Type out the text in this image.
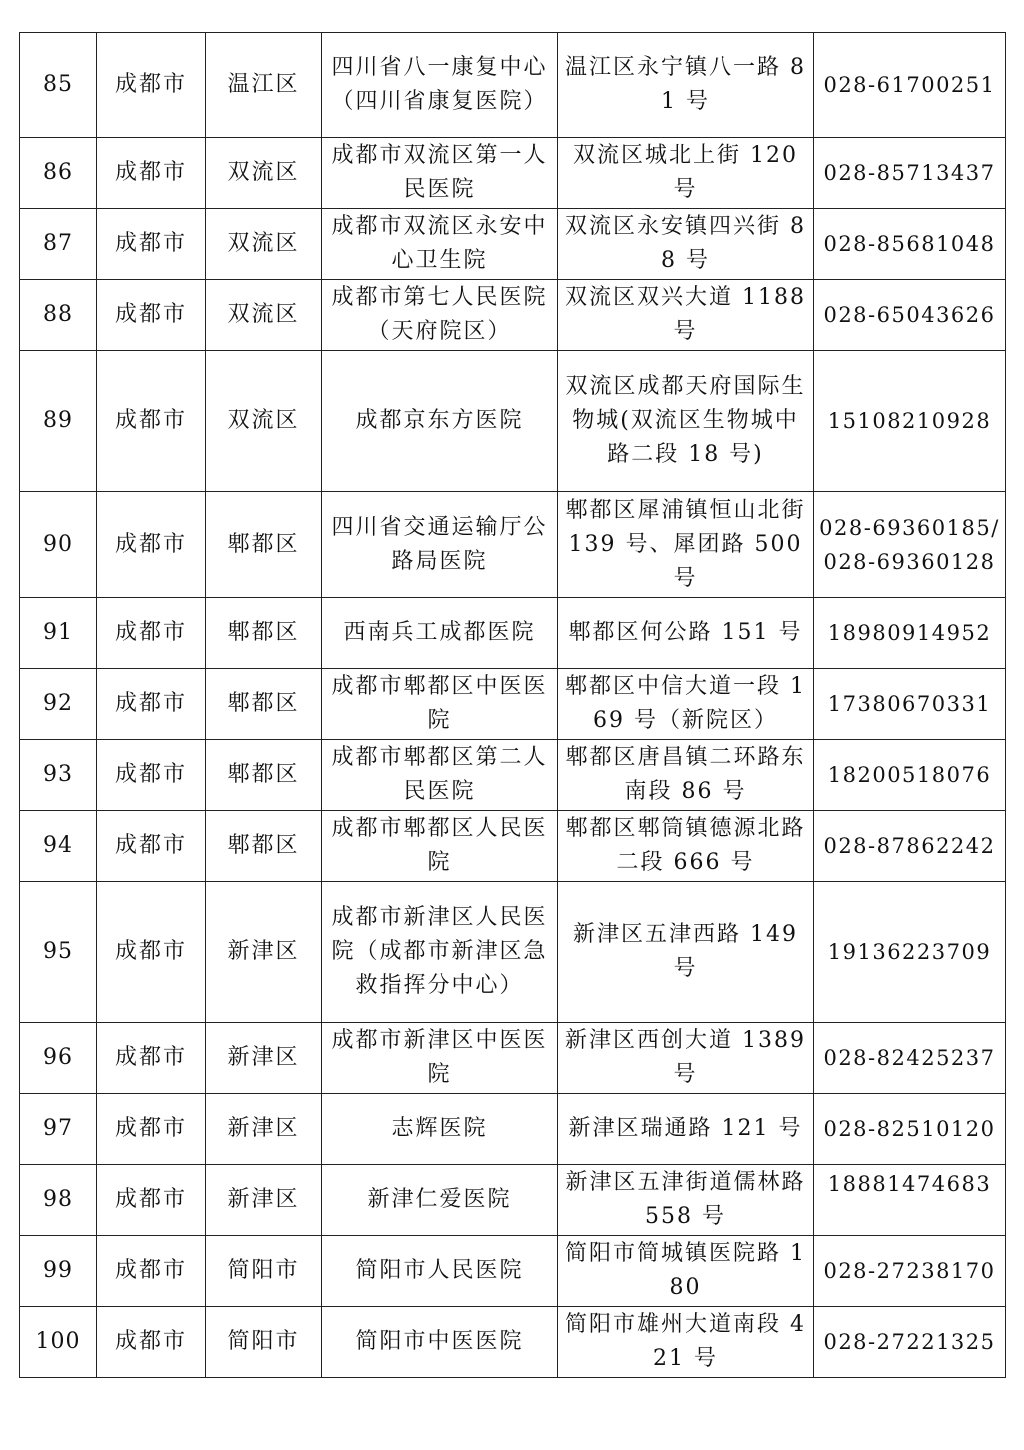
85	成都市	温江区	四川省八一康复中心（四川省康复医院）	温江区永宁镇八一路 81 号	028-61700251
86	成都市	双流区	成都市双流区第一人民医院	双流区城北上街 120 号	028-85713437
87	成都市	双流区	成都市双流区永安中心卫生院	双流区永安镇四兴街 88 号	028-85681048
88	成都市	双流区	成都市第七人民医院（天府院区）	双流区双兴大道 1188 号	028-65043626
89	成都市	双流区	成都京东方医院	双流区成都天府国际生物城(双流区生物城中路二段 18 号)	15108210928
90	成都市	郫都区	四川省交通运输厅公路局医院	郫都区犀浦镇恒山北街 139 号、犀团路 500 号	028-69360185/028-69360128
91	成都市	郫都区	西南兵工成都医院	郫都区何公路 151 号	18980914952
92	成都市	郫都区	成都市郫都区中医医院	郫都区中信大道一段 169 号（新院区）	17380670331
93	成都市	郫都区	成都市郫都区第二人民医院	郫都区唐昌镇二环路东南段 86 号	18200518076
94	成都市	郫都区	成都市郫都区人民医院	郫都区郫筒镇德源北路二段 666 号	028-87862242
95	成都市	新津区	成都市新津区人民医院（成都市新津区急救指挥分中心）	新津区五津西路 149 号	19136223709
96	成都市	新津区	成都市新津区中医医院	新津区西创大道 1389 号	028-82425237
97	成都市	新津区	志辉医院	新津区瑞通路 121 号	028-82510120
98	成都市	新津区	新津仁爱医院	新津区五津街道儒林路 558 号	18881474683
99	成都市	简阳市	简阳市人民医院	简阳市简城镇医院路 180	028-27238170
100	成都市	简阳市	简阳市中医医院	简阳市雄州大道南段 421 号	028-27221325
